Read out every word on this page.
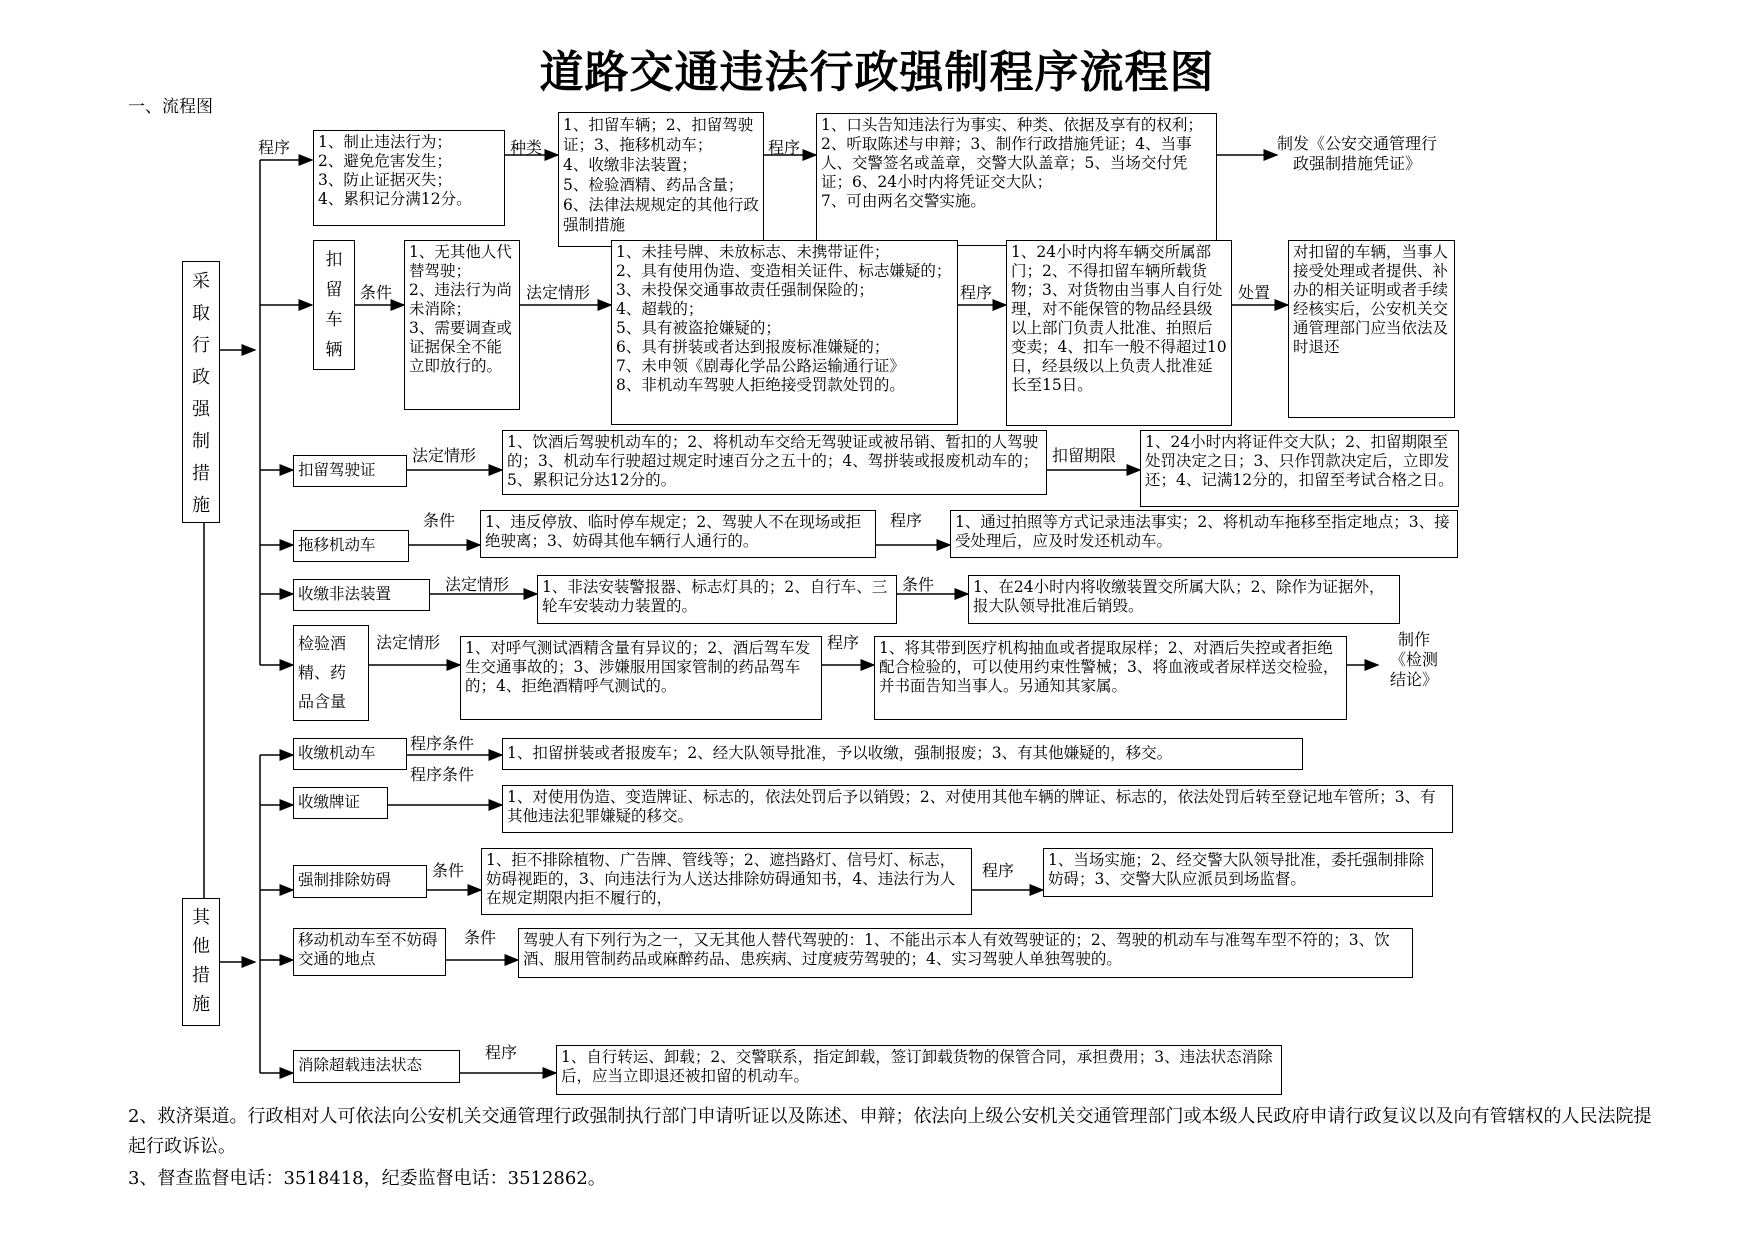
道路交通违法行政强制程序流程图
一、流程图
采
取
行
政
强
制
措
施
其
他
措
施
程序 1、制止违法行为；
2、避免危害发生；
3、防止证据灭失；
4、累积记分满12分。
种类
1、扣留车辆；2、扣留驾驶证；3、拖移机动车；
4、收缴非法装置；
5、检验酒精、药品含量；
6、法律法规规定的其他行政强制措施
程序
1、口头告知违法行为事实、种类、依据及享有的权利；
2、听取陈述与申辩；3、制作行政措施凭证；4、当事人、交警签名或盖章，交警大队盖章；5、当场交付凭证；6、24小时内将凭证交大队；
7、可由两名交警实施。
制发《公安交通管理行政强制措施凭证》
扣
留
车
辆
条件
1、无其他人代替驾驶；
2、违法行为尚未消除；
3、需要调查或证据保全不能立即放行的。
法定情形
1、未挂号牌、未放标志、未携带证件；
2、具有使用伪造、变造相关证件、标志嫌疑的；
3、未投保交通事故责任强制保险的；
4、超载的；
5、具有被盗抢嫌疑的；
6、具有拼装或者达到报废标准嫌疑的；
7、未申领《剧毒化学品公路运输通行证》
8、非机动车驾驶人拒绝接受罚款处罚的。
程序
1、24小时内将车辆交所属部门；2、不得扣留车辆所载货物；3、对货物由当事人自行处理，对不能保管的物品经县级以上部门负责人批准、拍照后变卖；4、扣车一般不得超过10日，经县级以上负责人批准延长至15日。
处置
对扣留的车辆，当事人接受处理或者提供、补办的相关证明或者手续经核实后，公安机关交通管理部门应当依法及时退还
扣留驾驶证
法定情形
1、饮酒后驾驶机动车的；2、将机动车交给无驾驶证或被吊销、暂扣的人驾驶的；3、机动车行驶超过规定时速百分之五十的；4、驾拼装或报废机动车的；5、累积记分达12分的。
扣留期限
1、24小时内将证件交大队；2、扣留期限至处罚决定之日；3、只作罚款决定后，立即发还；4、记满12分的，扣留至考试合格之日。
拖移机动车
条件	1、违反停放、临时停车规定；2、驾驶人不在现场或拒绝驶离；3、妨碍其他车辆行人通行的。
程序	1、通过拍照等方式记录违法事实；2、将机动车拖移至指定地点；3、接受处理后，应及时发还机动车。
收缴非法装置	法定情形	1、非法安装警报器、标志灯具的；2、自行车、三轮车安装动力装置的。
条件	1、在24小时内将收缴装置交所属大队；2、除作为证据外，报大队领导批准后销毁。
检验酒
精、药
品含量
法定情形	1、对呼气测试酒精含量有异议的；2、酒后驾车发生交通事故的；3、涉嫌服用国家管制的药品驾车的；4、拒绝酒精呼气测试的。
程序	1、将其带到医疗机构抽血或者提取尿样；2、对酒后失控或者拒绝配合检验的，可以使用约束性警械；3、将血液或者尿样送交检验，并书面告知当事人。另通知其家属。
制作
《检测
结论》
收缴机动车	程序条件	1、扣留拼装或者报废车；2、经大队领导批准，予以收缴，强制报废；3、有其他嫌疑的，移交。
收缴牌证
程序条件
1、对使用伪造、变造牌证、标志的，依法处罚后予以销毁；2、对使用其他车辆的牌证、标志的，依法处罚后转至登记地车管所；3、有其他违法犯罪嫌疑的移交。
强制排除妨碍	条件
1、拒不排除植物、广告牌、管线等；2、遮挡路灯、信号灯、标志，妨碍视距的，3、向违法行为人送达排除妨碍通知书，4、违法行为人在规定期限内拒不履行的，
程序
1、当场实施；2、经交警大队领导批准，委托强制排除妨碍；3、交警大队应派员到场监督。
移动机动车至不妨碍交通的地点
条件	驾驶人有下列行为之一，又无其他人替代驾驶的：1、不能出示本人有效驾驶证的；2、驾驶的机动车与准驾车型不符的；3、饮酒、服用管制药品或麻醉药品、患疾病、过度疲劳驾驶的；4、实习驾驶人单独驾驶的。
消除超载违法状态
程序	1、自行转运、卸载；2、交警联系，指定卸载，签订卸载货物的保管合同，承担费用；3、违法状态消除后，应当立即退还被扣留的机动车。
2、救济渠道。行政相对人可依法向公安机关交通管理行政强制执行部门申请听证以及陈述、申辩；依法向上级公安机关交通管理部门或本级人民政府申请行政复议以及向有管辖权的人民法院提起行政诉讼。
3、督查监督电话：3518418，纪委监督电话：3512862。
